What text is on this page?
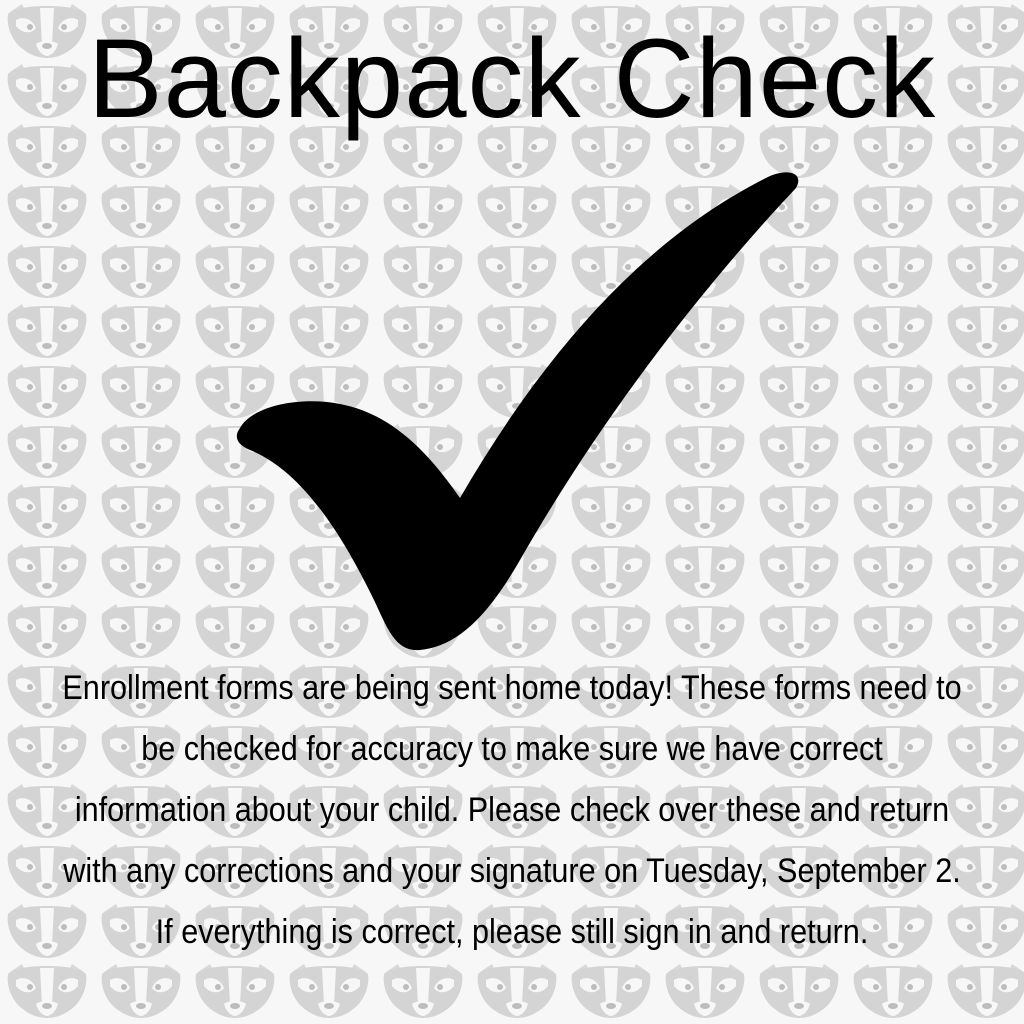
Backpack Check

Enrollment forms are being sent home today! These forms need to be checked for accuracy to make sure we have correct information about your child. Please check over these and return with any corrections and your signature on Tuesday, September 2. If everything is correct, please still sign in and return.
